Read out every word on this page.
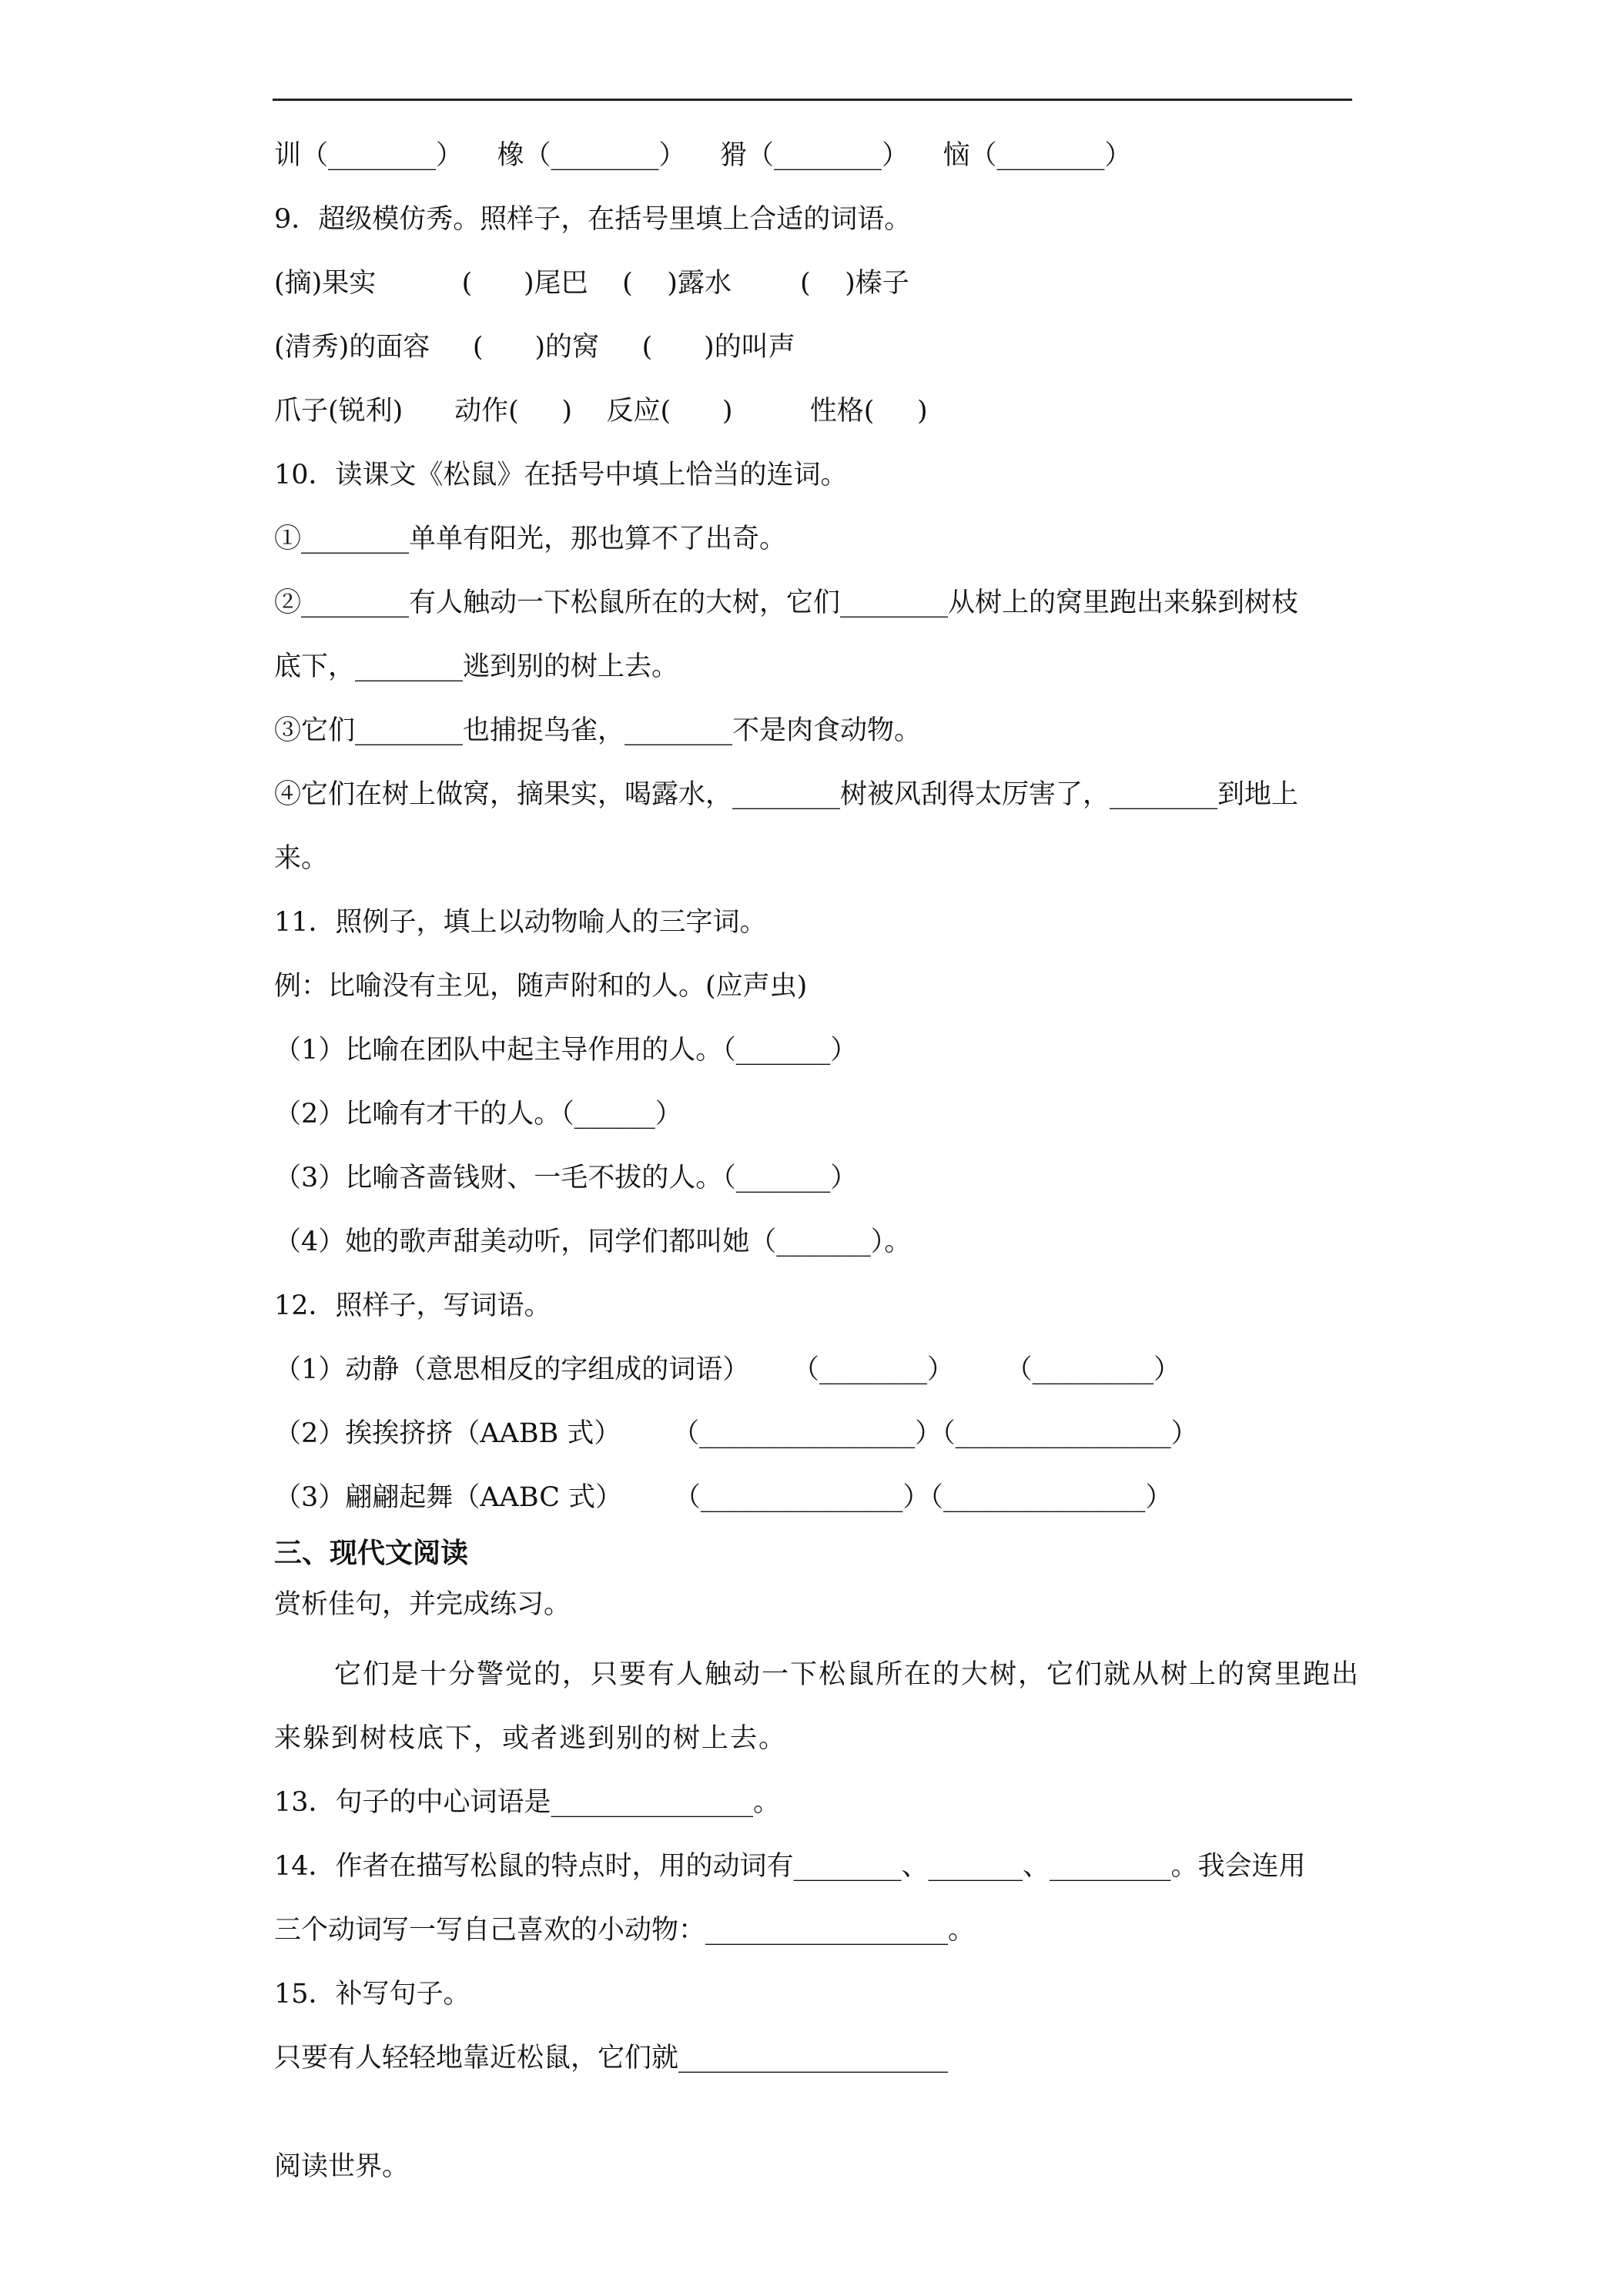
训（________）    橡（________）    猾（________）    恼（________）
9．超级模仿秀。照样子，在括号里填上合适的词语。
(摘)果实          (      )尾巴    (    )露水        (    )榛子
(清秀)的面容     (      )的窝     (      )的叫声
爪子(锐利)      动作(     )    反应(      )         性格(     )
10．读课文《松鼠》在括号中填上恰当的连词。
①________单单有阳光，那也算不了出奇。
②________有人触动一下松鼠所在的大树，它们________从树上的窝里跑出来躲到树枝
底下，________逃到别的树上去。
③它们________也捕捉鸟雀，________不是肉食动物。
④它们在树上做窝，摘果实，喝露水，________树被风刮得太厉害了，________到地上
来。
11．照例子，填上以动物喻人的三字词。
例：比喻没有主见，随声附和的人。(应声虫)
（1）比喻在团队中起主导作用的人。（_______）
（2）比喻有才干的人。（______）
（3）比喻吝啬钱财、一毛不拔的人。（_______）
（4）她的歌声甜美动听，同学们都叫她（_______）。
12．照样子，写词语。
（1）动静（意思相反的字组成的词语）     （________）      （_________）
（2）挨挨挤挤（AABB 式）      （________________）（________________）
（3）翩翩起舞（AABC 式）      （_______________）（_______________）
三、现代文阅读
赏析佳句，并完成练习。
它们是十分警觉的，只要有人触动一下松鼠所在的大树，它们就从树上的窝里跑出
来躲到树枝底下，或者逃到别的树上去。
13．句子的中心词语是_______________。
14．作者在描写松鼠的特点时，用的动词有________、_______、_________。我会连用
三个动词写一写自己喜欢的小动物：__________________。
15．补写句子。
只要有人轻轻地靠近松鼠，它们就____________________
阅读世界。
